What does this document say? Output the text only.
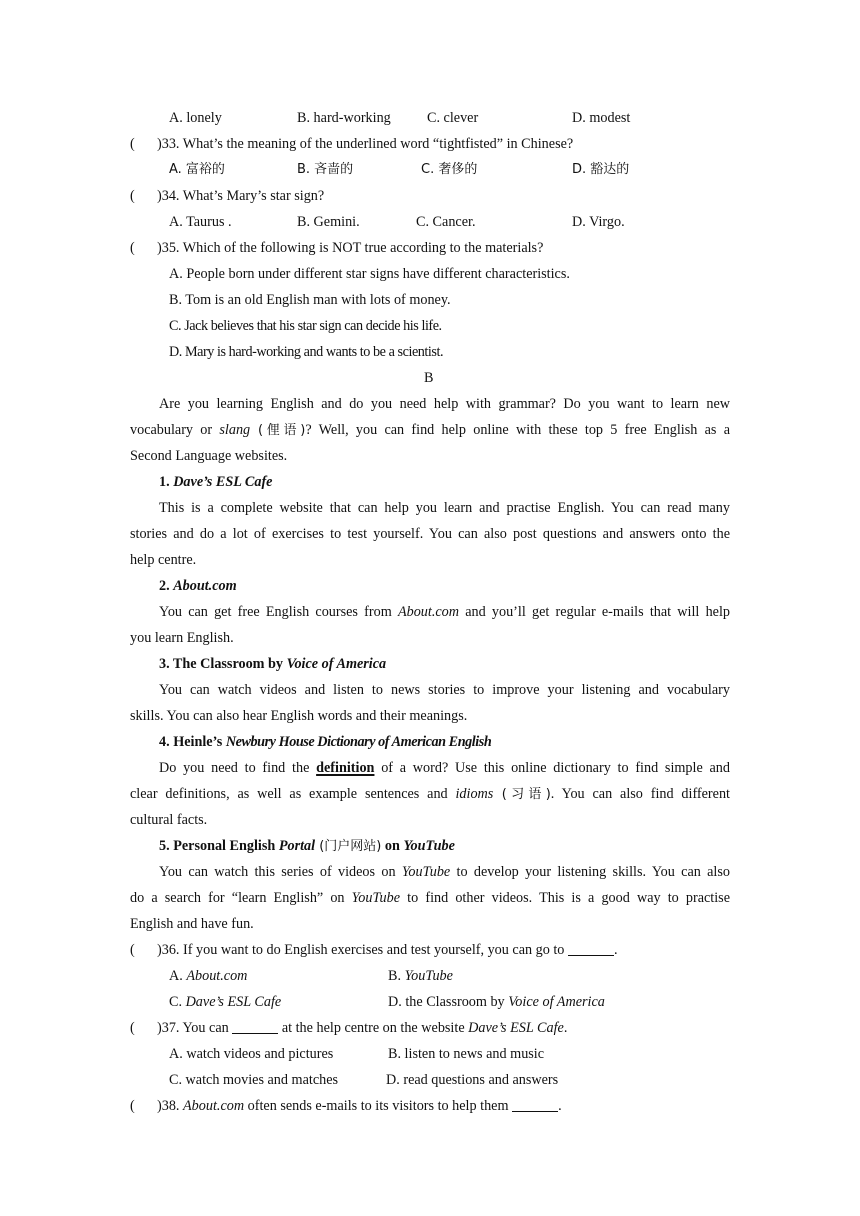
A. lonely	B. hard-working	C. clever	D. modest
( )33. What’s the meaning of the underlined word “tightfisted” in Chinese?
A. 富裕的	B. 吝啬的	C. 奢侈的	D. 豁达的
( )34. What’s Mary’s star sign?
A. Taurus .	B. Gemini.	C. Cancer.	D. Virgo.
( )35. Which of the following is NOT true according to the materials?
A. People born under different star signs have different characteristics.
B. Tom is an old English man with lots of money.
C. Jack believes that his star sign can decide his life.
D. Mary is hard-working and wants to be a scientist.
B
Are you learning English and do you need help with grammar? Do you want to learn new
vocabulary or slang (俚语)? Well, you can find help online with these top 5 free English as a
Second Language websites.
1. Dave’s ESL Cafe
This is a complete website that can help you learn and practise English. You can read many
stories and do a lot of exercises to test yourself. You can also post questions and answers onto the
help centre.
2. About.com
You can get free English courses from About.com and you’ll get regular e-mails that will help
you learn English.
3. The Classroom by Voice of America
You can watch videos and listen to news stories to improve your listening and vocabulary
skills. You can also hear English words and their meanings.
4. Heinle’s Newbury House Dictionary of American English
Do you need to find the definition of a word? Use this online dictionary to find simple and
clear definitions, as well as example sentences and idioms (习语). You can also find different
cultural facts.
5. Personal English Portal (门户网站) on YouTube
You can watch this series of videos on YouTube to develop your listening skills. You can also
do a search for “learn English” on YouTube to find other videos. This is a good way to practise
English and have fun.
( )36. If you want to do English exercises and test yourself, you can go to	.
A. About.com	B. YouTube
C. Dave’s ESL Cafe	D. the Classroom by Voice of America
( )37. You can	at the help centre on the website Dave’s ESL Cafe.
A. watch videos and pictures	B. listen to news and music
C. watch movies and matches	D. read questions and answers
( )38. About.com often sends e-mails to its visitors to help them	.
